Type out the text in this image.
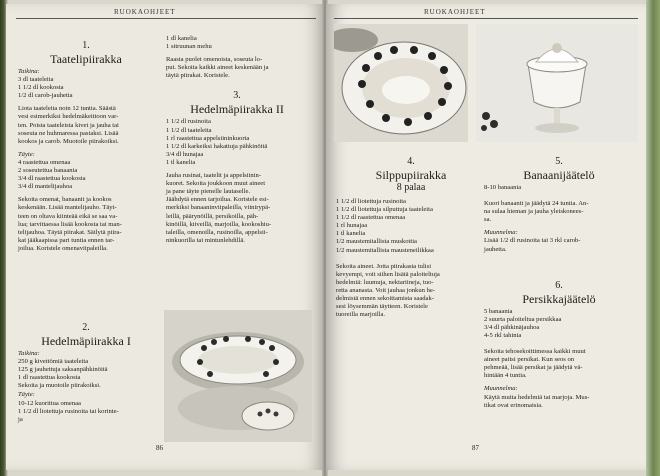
RUOKAOHJEET
1.
Taatelipiirakka
Taikina:

3 dl taateleita
1 1/2 dl kookosta
1/2 dl carob-jauhetta

Liota taateleita noin 12 tuntia. Säästä
vesi esimerkiksi hedelmäkeittoon var-
ten. Poista taateleista kivet ja jauha tai
soseuta ne huhmaressa pastaksi. Lisää
kookos ja carob. Muotoile piirakoiksi.

Täyte:

4 raastettua omenaa
2 soseutettua banaania
3/4 dl raastettua kookosta
3/4 dl mantelijauhoa

Sekoita omenat, banaanit ja kookos
keskenään. Lisää mantelijauho. Täyt-
teen on oltava kiinteää eikä se saa va-
lua; tarvittaessa lisää kookosta tai man-
telijauhoa. Täytä piirakat. Säilytä piira-
kat jääkaapissa pari tuntia ennen tar-
joilua. Koristele omenaviipaleilla.

2.
Hedelmäpiirakka I
Taikina:

250 g kivettömiä taateleita
125 g jauhettuja saksanpähkinöitä
1 dl raastettua kookosta
Sekoita ja muotoile piirakoiksi.

Täyte:

10-12 kuorittua omenaa
1 1/2 dl liotettuja rusinoita tai korinte-
ja

1 dl kanelia
1 sitruunan mehu

Raasta puolet omenoista, soseuta lo-
put. Sekoita kaikki aineet keskenään ja
täytä piirakat. Koristele.

3.
Hedelmäpiirakka II

1 1/2 dl rusinoita
1 1/2 dl taateleita
1 rl raastettua appelsiininkuorta
1 1/2 dl karkeiksi hakattuja pähkinöitä
3/4 dl hunajaa
1 tl kanelia

Jauha rusinat, taatelit ja appelsiinin-
kuoret. Sekoita joukkoon muut aineet
ja pane täyte pienelle lautaselle.
Jäähdytä ennen tarjoilua. Koristele esi-
merkiksi banaaninviipaleilla, viinirypä-
leillä, päärynöillä, persikoilla, päh-
kinöillä, kiiveillä, marjoilla, kookoshiu-
taleilla, omenoilla, rusinoilla, appelsii-
ninkuorilla tai mintunlehdillä.

86
RUOKAOHJEET
4.
Silppupiirakka
8 palaa

1 1/2 dl liotettuja rusinoita
1 1/2 dl liotettuja silputtuja taateleita
1 1/2 dl raastettua omenaa
1 rl hunajaa
1 tl kanelia
1/2 maustemitallista muskottia
1/2 maustemitallista mausteneilikkaa

Sekoita aineet. Jotta piirakasta tulisi
kevyempi, voit siihen lisätä paloiteltuja
hedelmiä: luumuja, nektariineja, tuo-
retta ananasta. Voit jauhaa jonkun he-
delmistä ennen sekoittamista saadak-
sesi löysemmän täytteen. Koristele
tuoreilla marjoilla.

5.
Banaanijäätelö

8-10 banaania

Kuori banaanit ja jäädytä 24 tuntia. An-
na sulaa hieman ja jauha yleiskonees-
sa.

Muunnelma:

Lisää 1/2 dl rusinoita tai 3 rkl carob-
jauhetta.

6.
Persikkajäätelö

5 banaania
2 suurta paloiteltua persikkaa
3/4 dl pähkinäjauhoa
4-5 rkl tahinia

Sekoita tehosekoittimessa kaikki muut
aineet paitsi persikat. Kun seos on
pehmeää, lisää persikat ja jäädytä vä-
hintään 4 tuntia.

Muunnelma:

Käytä muita hedelmiä tai marjoja. Mus-
tikat ovat erinomaisia.

87
